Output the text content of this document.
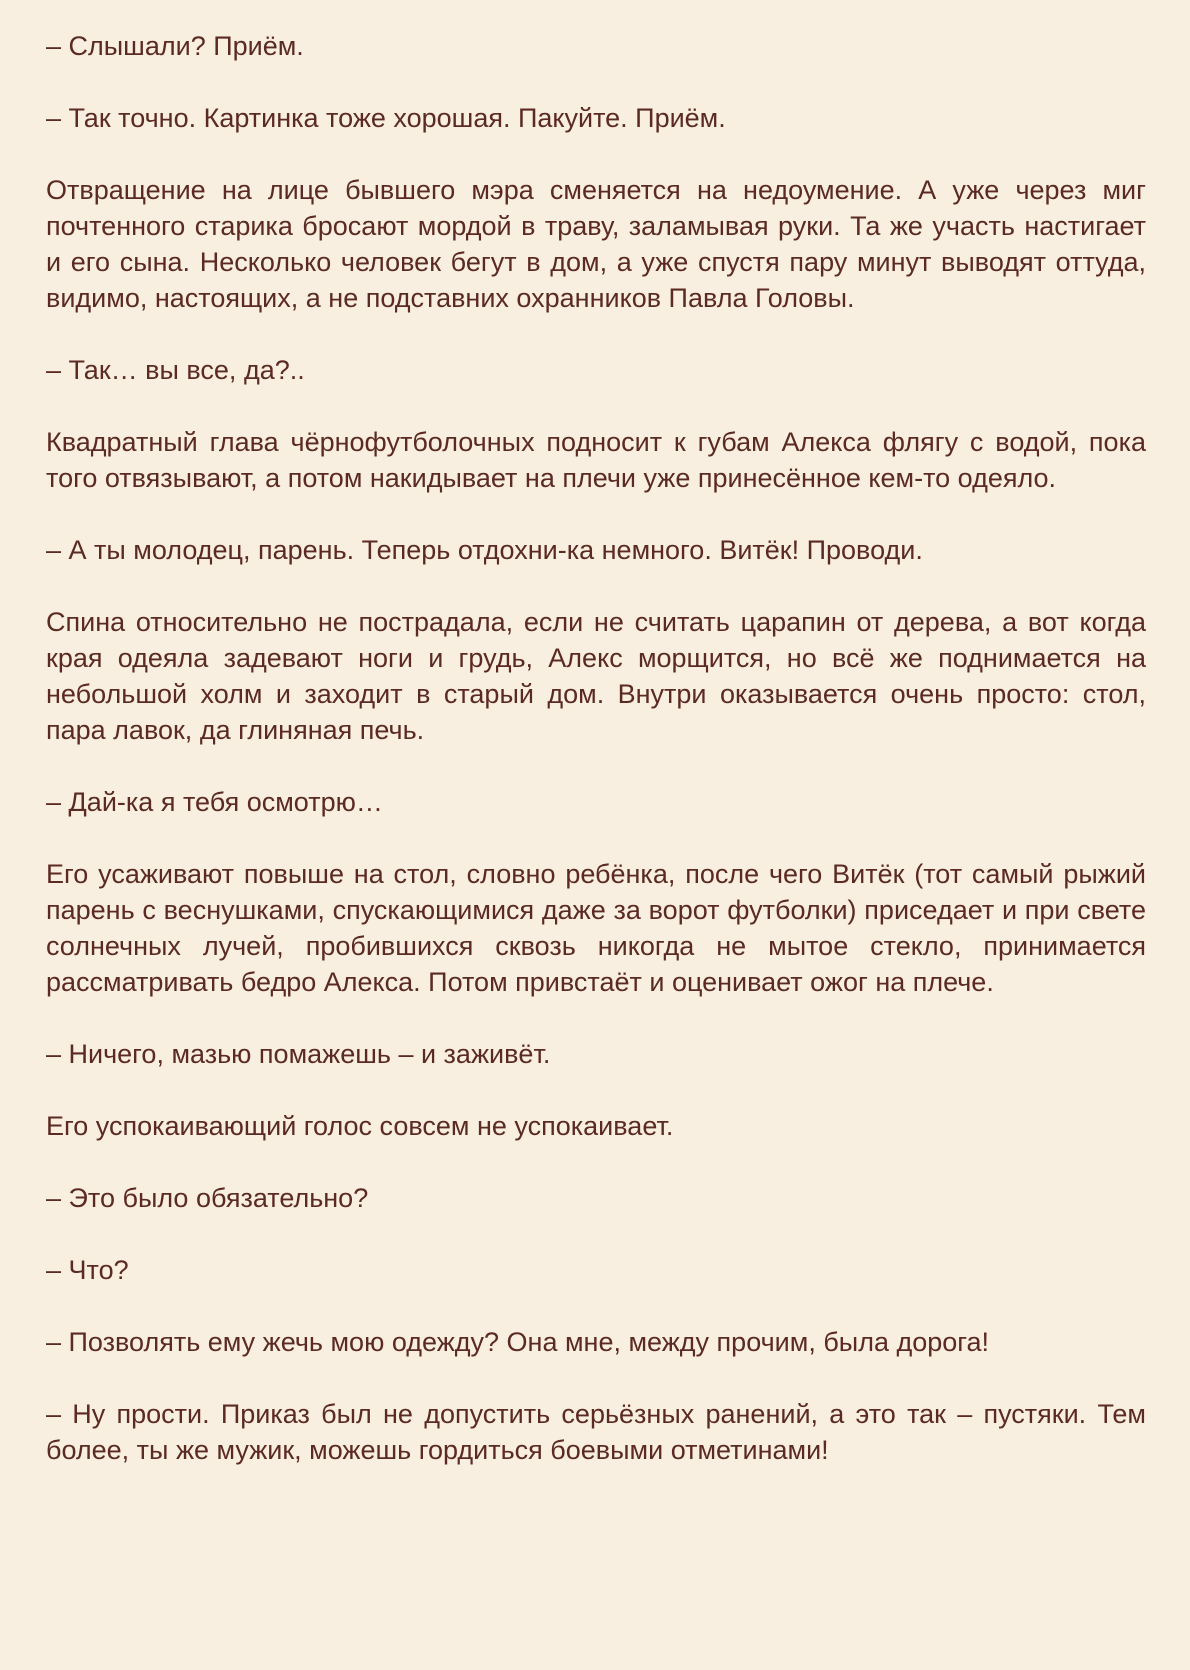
– Слышали? Приём.

– Так точно. Картинка тоже хорошая. Пакуйте. Приём.

Отвращение на лице бывшего мэра сменяется на недоумение. А уже через миг почтенного старика бросают мордой в траву, заламывая руки. Та же участь настигает и его сына. Несколько человек бегут в дом, а уже спустя пару минут выводят оттуда, видимо, настоящих, а не подставних охранников Павла Головы.

– Так… вы все, да?..

Квадратный глава чёрнофутболочных подносит к губам Алекса флягу с водой, пока того отвязывают, а потом накидывает на плечи уже принесённое кем-то одеяло.

– А ты молодец, парень. Теперь отдохни-ка немного. Витёк! Проводи.

Спина относительно не пострадала, если не считать царапин от дерева, а вот когда края одеяла задевают ноги и грудь, Алекс морщится, но всё же поднимается на небольшой холм и заходит в старый дом. Внутри оказывается очень просто: стол, пара лавок, да глиняная печь.

– Дай-ка я тебя осмотрю…

Его усаживают повыше на стол, словно ребёнка, после чего Витёк (тот самый рыжий парень с веснушками, спускающимися даже за ворот футболки) приседает и при свете солнечных лучей, пробившихся сквозь никогда не мытое стекло, принимается рассматривать бедро Алекса. Потом привстаёт и оценивает ожог на плече.

– Ничего, мазью помажешь – и заживёт.

Его успокаивающий голос совсем не успокаивает.

– Это было обязательно?

– Что?

– Позволять ему жечь мою одежду? Она мне, между прочим, была дорога!

– Ну прости. Приказ был не допустить серьёзных ранений, а это так – пустяки. Тем более, ты же мужик, можешь гордиться боевыми отметинами!
